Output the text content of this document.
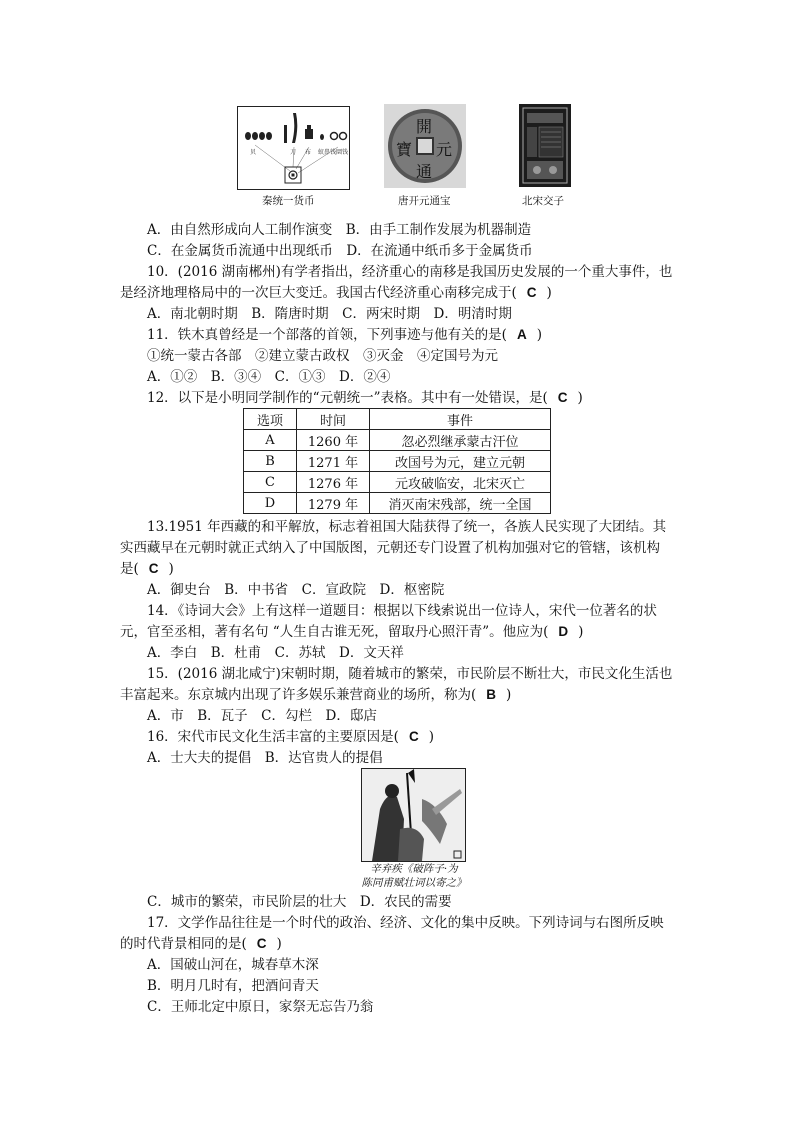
贝	刀 布 蚁鼻钱 圜钱
秦统一货币
開
通
元
寶
唐开元通宝	北宋交子
A．由自然形成向人工制作演变　B．由手工制作发展为机器制造
C．在金属货币流通中出现纸币　D．在流通中纸币多于金属货币
10．(2016 湖南郴州)有学者指出，经济重心的南移是我国历史发展的一个重大事件，也
是经济地理格局中的一次巨大变迁。我国古代经济重心南移完成于( C )
A．南北朝时期　B．隋唐时期　C．两宋时期　D．明清时期
11．铁木真曾经是一个部落的首领，下列事迹与他有关的是( A )
①统一蒙古各部　②建立蒙古政权　③灭金　④定国号为元
A．①②　B．③④　C．①③　D．②④
12．以下是小明同学制作的“元朝统一”表格。其中有一处错误，是( C )
选项	时间	事件
A	1260 年	忽必烈继承蒙古汗位
B	1271 年	改国号为元，建立元朝
C	1276 年	元攻破临安，北宋灭亡
D	1279 年	消灭南宋残部，统一全国
13.1951 年西藏的和平解放，标志着祖国大陆获得了统一，各族人民实现了大团结。其
实西藏早在元朝时就正式纳入了中国版图，元朝还专门设置了机构加强对它的管辖，该机构
是( C )
A．御史台　B．中书省　C．宣政院　D．枢密院
14．《诗词大会》上有这样一道题目：根据以下线索说出一位诗人，宋代一位著名的状
元，官至丞相，著有名句 “人生自古谁无死，留取丹心照汗青”。他应为( D )
A．李白　B．杜甫　C．苏轼　D．文天祥
15．(2016 湖北咸宁)宋朝时期，随着城市的繁荣，市民阶层不断壮大，市民文化生活也
丰富起来。东京城内出现了许多娱乐兼营商业的场所，称为( B )
A．市　B．瓦子　C．勾栏　D．邸店
16．宋代市民文化生活丰富的主要原因是( C )
A．士大夫的提倡　B．达官贵人的提倡
辛弃疾《破阵子·为
陈同甫赋壮词以寄之》
C．城市的繁荣，市民阶层的壮大　D．农民的需要
17．文学作品往往是一个时代的政治、经济、文化的集中反映。下列诗词与右图所反映
的时代背景相同的是( C )
A．国破山河在，城春草木深
B．明月几时有，把酒问青天
C．王师北定中原日，家祭无忘告乃翁
